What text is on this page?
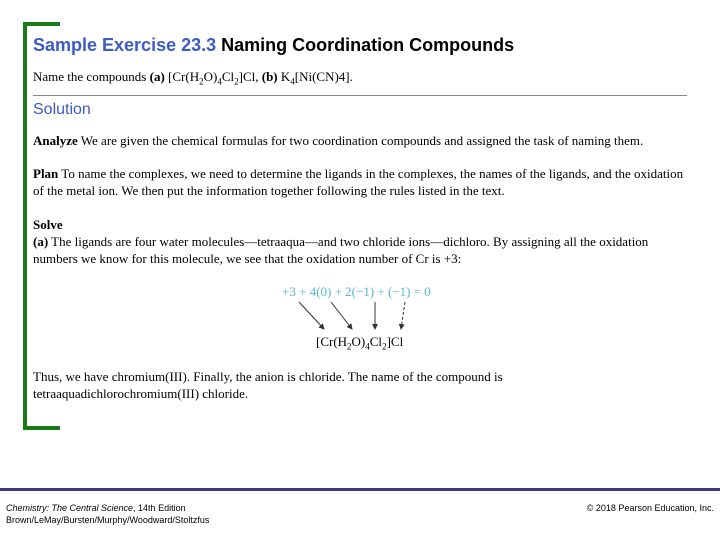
Sample Exercise 23.3 Naming Coordination Compounds
Name the compounds (a) $[Cr(H_2O)_4Cl_2]Cl$, (b) $K_4[Ni(CN)4]$.
Solution
Analyze We are given the chemical formulas for two coordination compounds and assigned the task of naming them.
Plan To name the complexes, we need to determine the ligands in the complexes, the names of the ligands, and the oxidation of the metal ion. We then put the information together following the rules listed in the text.
Solve
(a) The ligands are four water molecules—tetraaqua—and two chloride ions—dichloro. By assigning all the oxidation numbers we know for this molecule, we see that the oxidation number of Cr is +3:
+3 + 4(0) + 2(−1) + (−1) = 0
$[Cr(H_2O)_4Cl_2]Cl$
Thus, we have chromium(III). Finally, the anion is chloride. The name of the compound is tetraaquadichlorochromium(III) chloride.
Chemistry: The Central Science, 14th Edition
Brown/LeMay/Bursten/Murphy/Woodward/Stoltzfus
© 2018 Pearson Education, Inc.
